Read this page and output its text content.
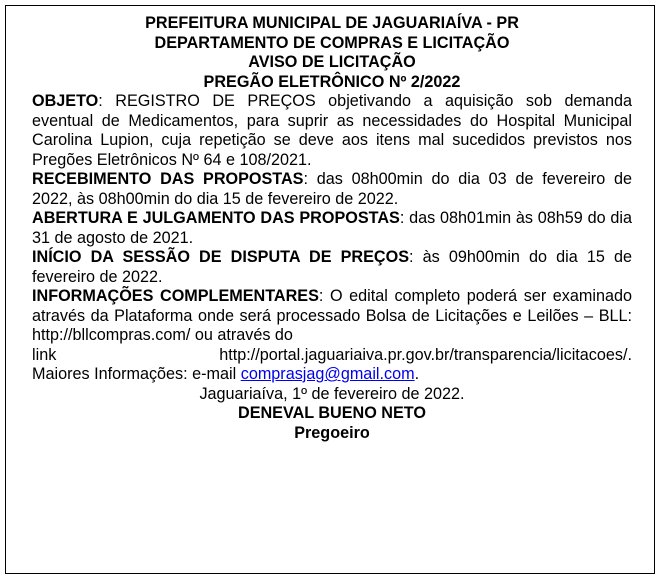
PREFEITURA MUNICIPAL DE JAGUARIAÍVA - PR
DEPARTAMENTO DE COMPRAS E LICITAÇÃO
AVISO DE LICITAÇÃO
PREGÃO ELETRÔNICO Nº 2/2022

OBJETO: REGISTRO DE PREÇOS objetivando a aquisição sob demanda eventual de Medicamentos, para suprir as necessidades do Hospital Municipal Carolina Lupion, cuja repetição se deve aos itens mal sucedidos previstos nos Pregões Eletrônicos Nº 64 e 108/2021.

RECEBIMENTO DAS PROPOSTAS: das 08h00min do dia 03 de fevereiro de 2022, às 08h00min do dia 15 de fevereiro de 2022.

ABERTURA E JULGAMENTO DAS PROPOSTAS: das 08h01min às 08h59 do dia 31 de agosto de 2021.

INÍCIO DA SESSÃO DE DISPUTA DE PREÇOS: às 09h00min do dia 15 de fevereiro de 2022.

INFORMAÇÕES COMPLEMENTARES: O edital completo poderá ser examinado através da Plataforma onde será processado Bolsa de Licitações e Leilões – BLL: http://bllcompras.com/ ou através do

link	http://portal.jaguariaiva.pr.gov.br/transparencia/licitacoes/.
Maiores Informações: e-mail comprasjag@gmail.com.
Jaguariaíva, 1º de fevereiro de 2022.
DENEVAL BUENO NETO
Pregoeiro
